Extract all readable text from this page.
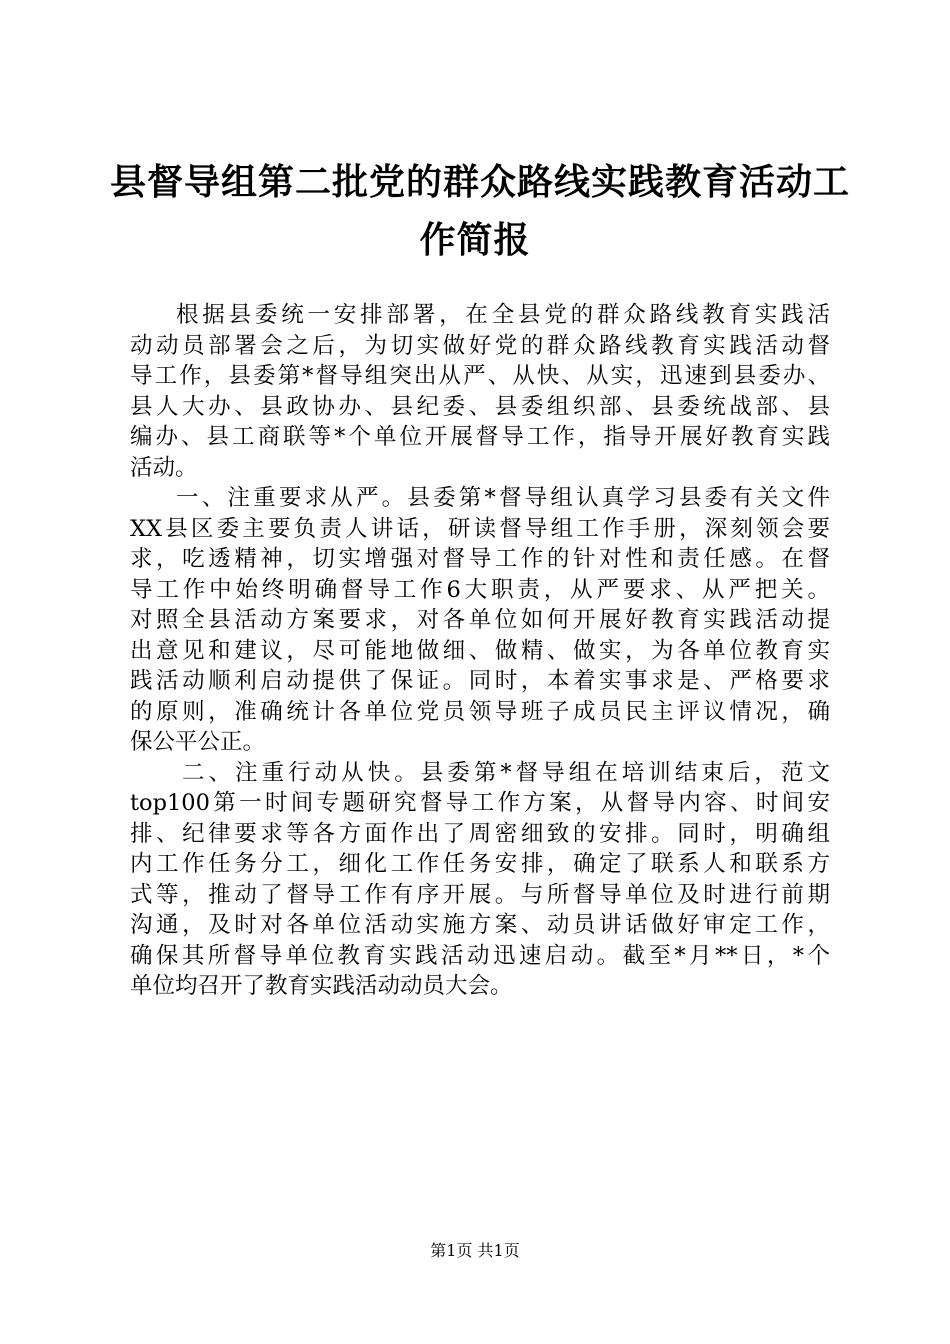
县督导组第二批党的群众路线实践教育活动工
作简报
根据县委统一安排部署，在全县党的群众路线教育实践活
动动员部署会之后，为切实做好党的群众路线教育实践活动督
导工作，县委第*督导组突出从严、从快、从实，迅速到县委办、
县人大办、县政协办、县纪委、县委组织部、县委统战部、县
编办、县工商联等*个单位开展督导工作，指导开展好教育实践
活动。
一、注重要求从严。县委第*督导组认真学习县委有关文件
XX县区委主要负责人讲话，研读督导组工作手册，深刻领会要
求，吃透精神，切实增强对督导工作的针对性和责任感。在督
导工作中始终明确督导工作6大职责，从严要求、从严把关。
对照全县活动方案要求，对各单位如何开展好教育实践活动提
出意见和建议，尽可能地做细、做精、做实，为各单位教育实
践活动顺利启动提供了保证。同时，本着实事求是、严格要求
的原则，准确统计各单位党员领导班子成员民主评议情况，确
保公平公正。
二、注重行动从快。县委第*督导组在培训结束后，范文
top100第一时间专题研究督导工作方案，从督导内容、时间安
排、纪律要求等各方面作出了周密细致的安排。同时，明确组
内工作任务分工，细化工作任务安排，确定了联系人和联系方
式等，推动了督导工作有序开展。与所督导单位及时进行前期
沟通，及时对各单位活动实施方案、动员讲话做好审定工作，
确保其所督导单位教育实践活动迅速启动。截至*月**日，*个
单位均召开了教育实践活动动员大会。
第1页 共1页
